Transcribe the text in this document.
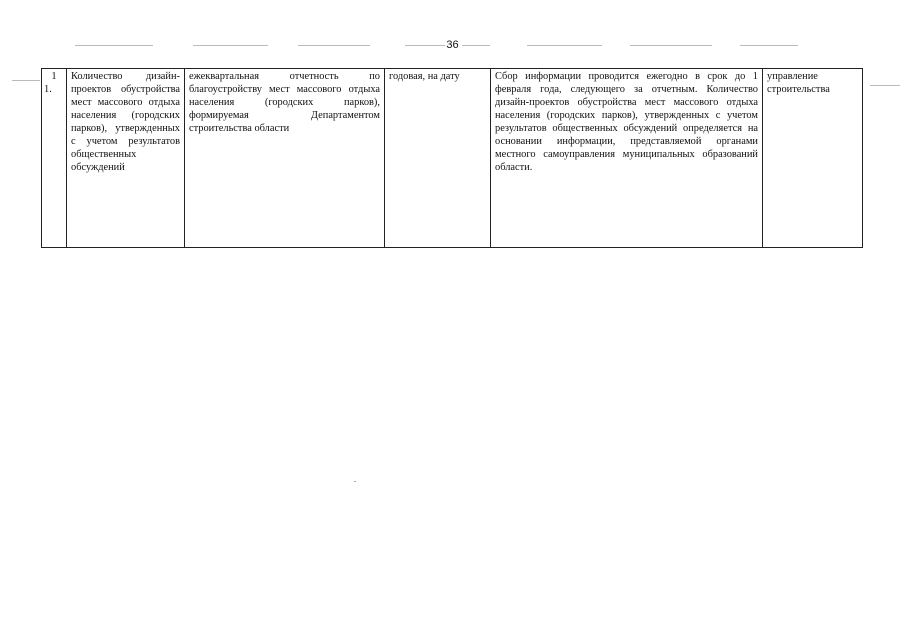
36
1
1.
	Количество дизайн-проектов обустройства мест массового отдыха населения (городских парков), утвержденных с учетом результатов общественных обсуждений	ежеквартальная отчетность по благоустройству мест массового отдыха населения (городских парков), формируемая Департаментом строительства области	годовая, на дату	Сбор информации проводится ежегодно в срок до 1 февраля года, следующего за отчетным. Количество дизайн-проектов обустройства мест массового отдыха населения (городских парков), утвержденных с учетом результатов общественных обсуждений определяется на основании информации, представляемой органами местного самоуправления муниципальных образований области.	управление строительства
